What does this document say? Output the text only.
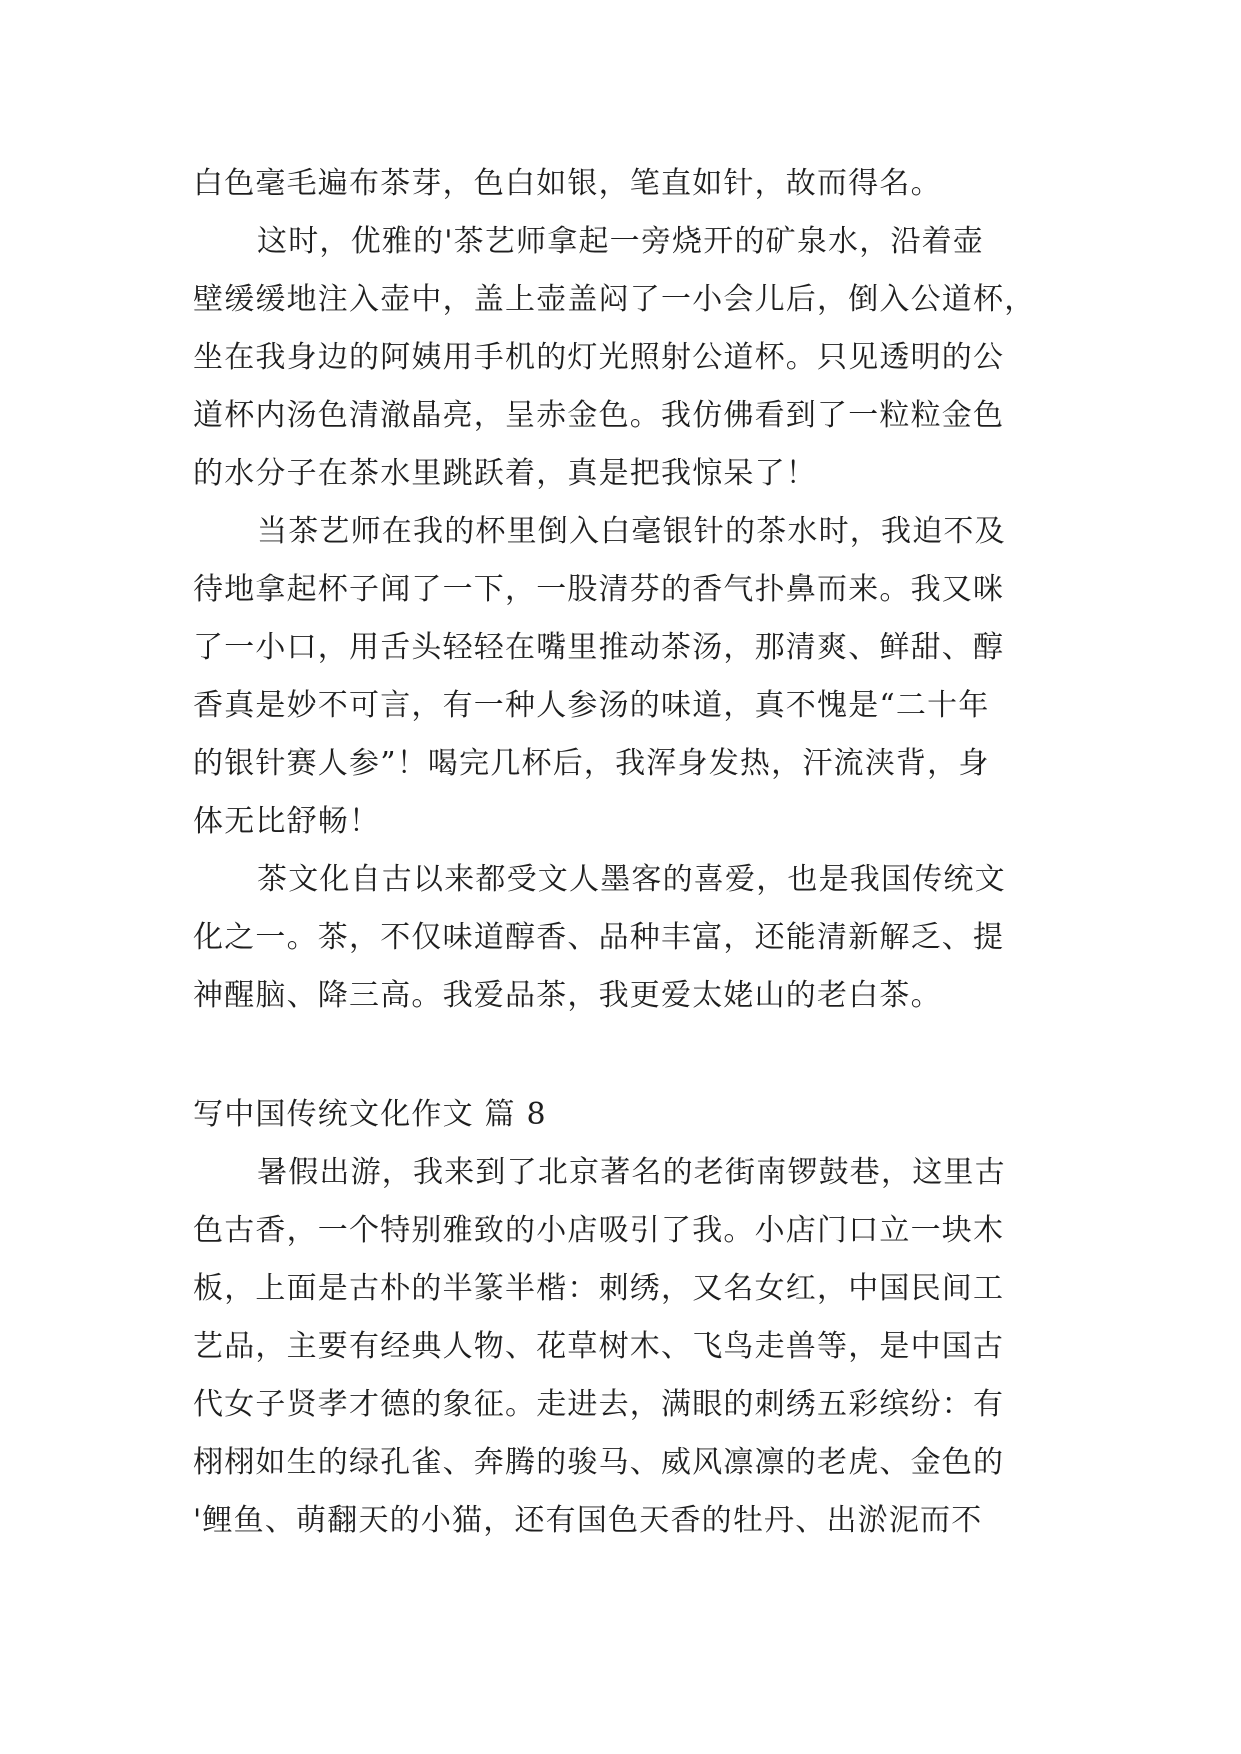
白色毫毛遍布茶芽，色白如银，笔直如针，故而得名。
这时，优雅的'茶艺师拿起一旁烧开的矿泉水，沿着壶
壁缓缓地注入壶中，盖上壶盖闷了一小会儿后，倒入公道杯，
坐在我身边的阿姨用手机的灯光照射公道杯。只见透明的公
道杯内汤色清澈晶亮，呈赤金色。我仿佛看到了一粒粒金色
的水分子在茶水里跳跃着，真是把我惊呆了！
当茶艺师在我的杯里倒入白毫银针的茶水时，我迫不及
待地拿起杯子闻了一下，一股清芬的香气扑鼻而来。我又咪
了一小口，用舌头轻轻在嘴里推动茶汤，那清爽、鲜甜、醇
香真是妙不可言，有一种人参汤的味道，真不愧是“二十年
的银针赛人参”！喝完几杯后，我浑身发热，汗流浃背，身
体无比舒畅！
茶文化自古以来都受文人墨客的喜爱，也是我国传统文
化之一。茶，不仅味道醇香、品种丰富，还能清新解乏、提
神醒脑、降三高。我爱品茶，我更爱太姥山的老白茶。
写中国传统文化作文 篇 8
暑假出游，我来到了北京著名的老街南锣鼓巷，这里古
色古香，一个特别雅致的小店吸引了我。小店门口立一块木
板，上面是古朴的半篆半楷：刺绣，又名女红，中国民间工
艺品，主要有经典人物、花草树木、飞鸟走兽等，是中国古
代女子贤孝才德的象征。走进去，满眼的刺绣五彩缤纷：有
栩栩如生的绿孔雀、奔腾的骏马、威风凛凛的老虎、金色的
'鲤鱼、萌翻天的小猫，还有国色天香的牡丹、出淤泥而不
